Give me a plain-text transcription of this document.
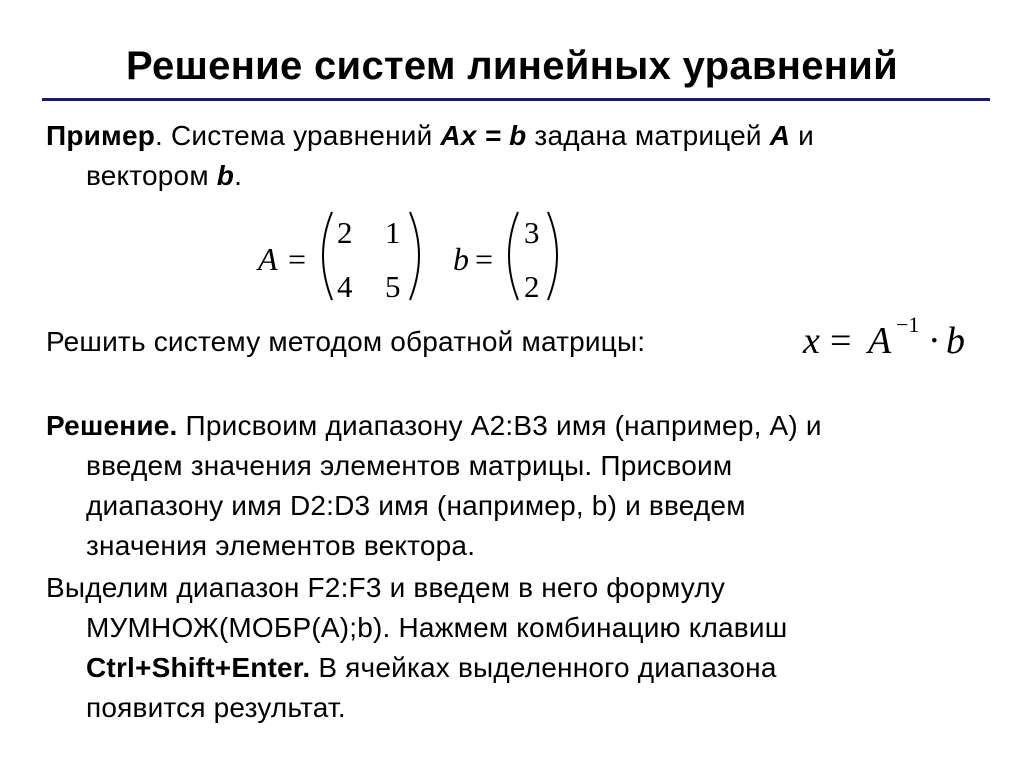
Решение систем линейных уравнений
Пример. Система уравнений Ax = b задана матрицей A и
вектором b.
A =
2 1
4 5
b =
3
2
x = A −1 · b
Решить систему методом обратной матрицы:
Решение. Присвоим диапазону А2:В3 имя (например, А) и
введем значения элементов матрицы. Присвоим
диапазону имя D2:D3 имя (например, b) и введем
значения элементов вектора.
Выделим диапазон F2:F3 и введем в него формулу
МУМНОЖ(МОБР(А);b). Нажмем комбинацию клавиш
Ctrl+Shift+Enter. В ячейках выделенного диапазона
появится результат.
